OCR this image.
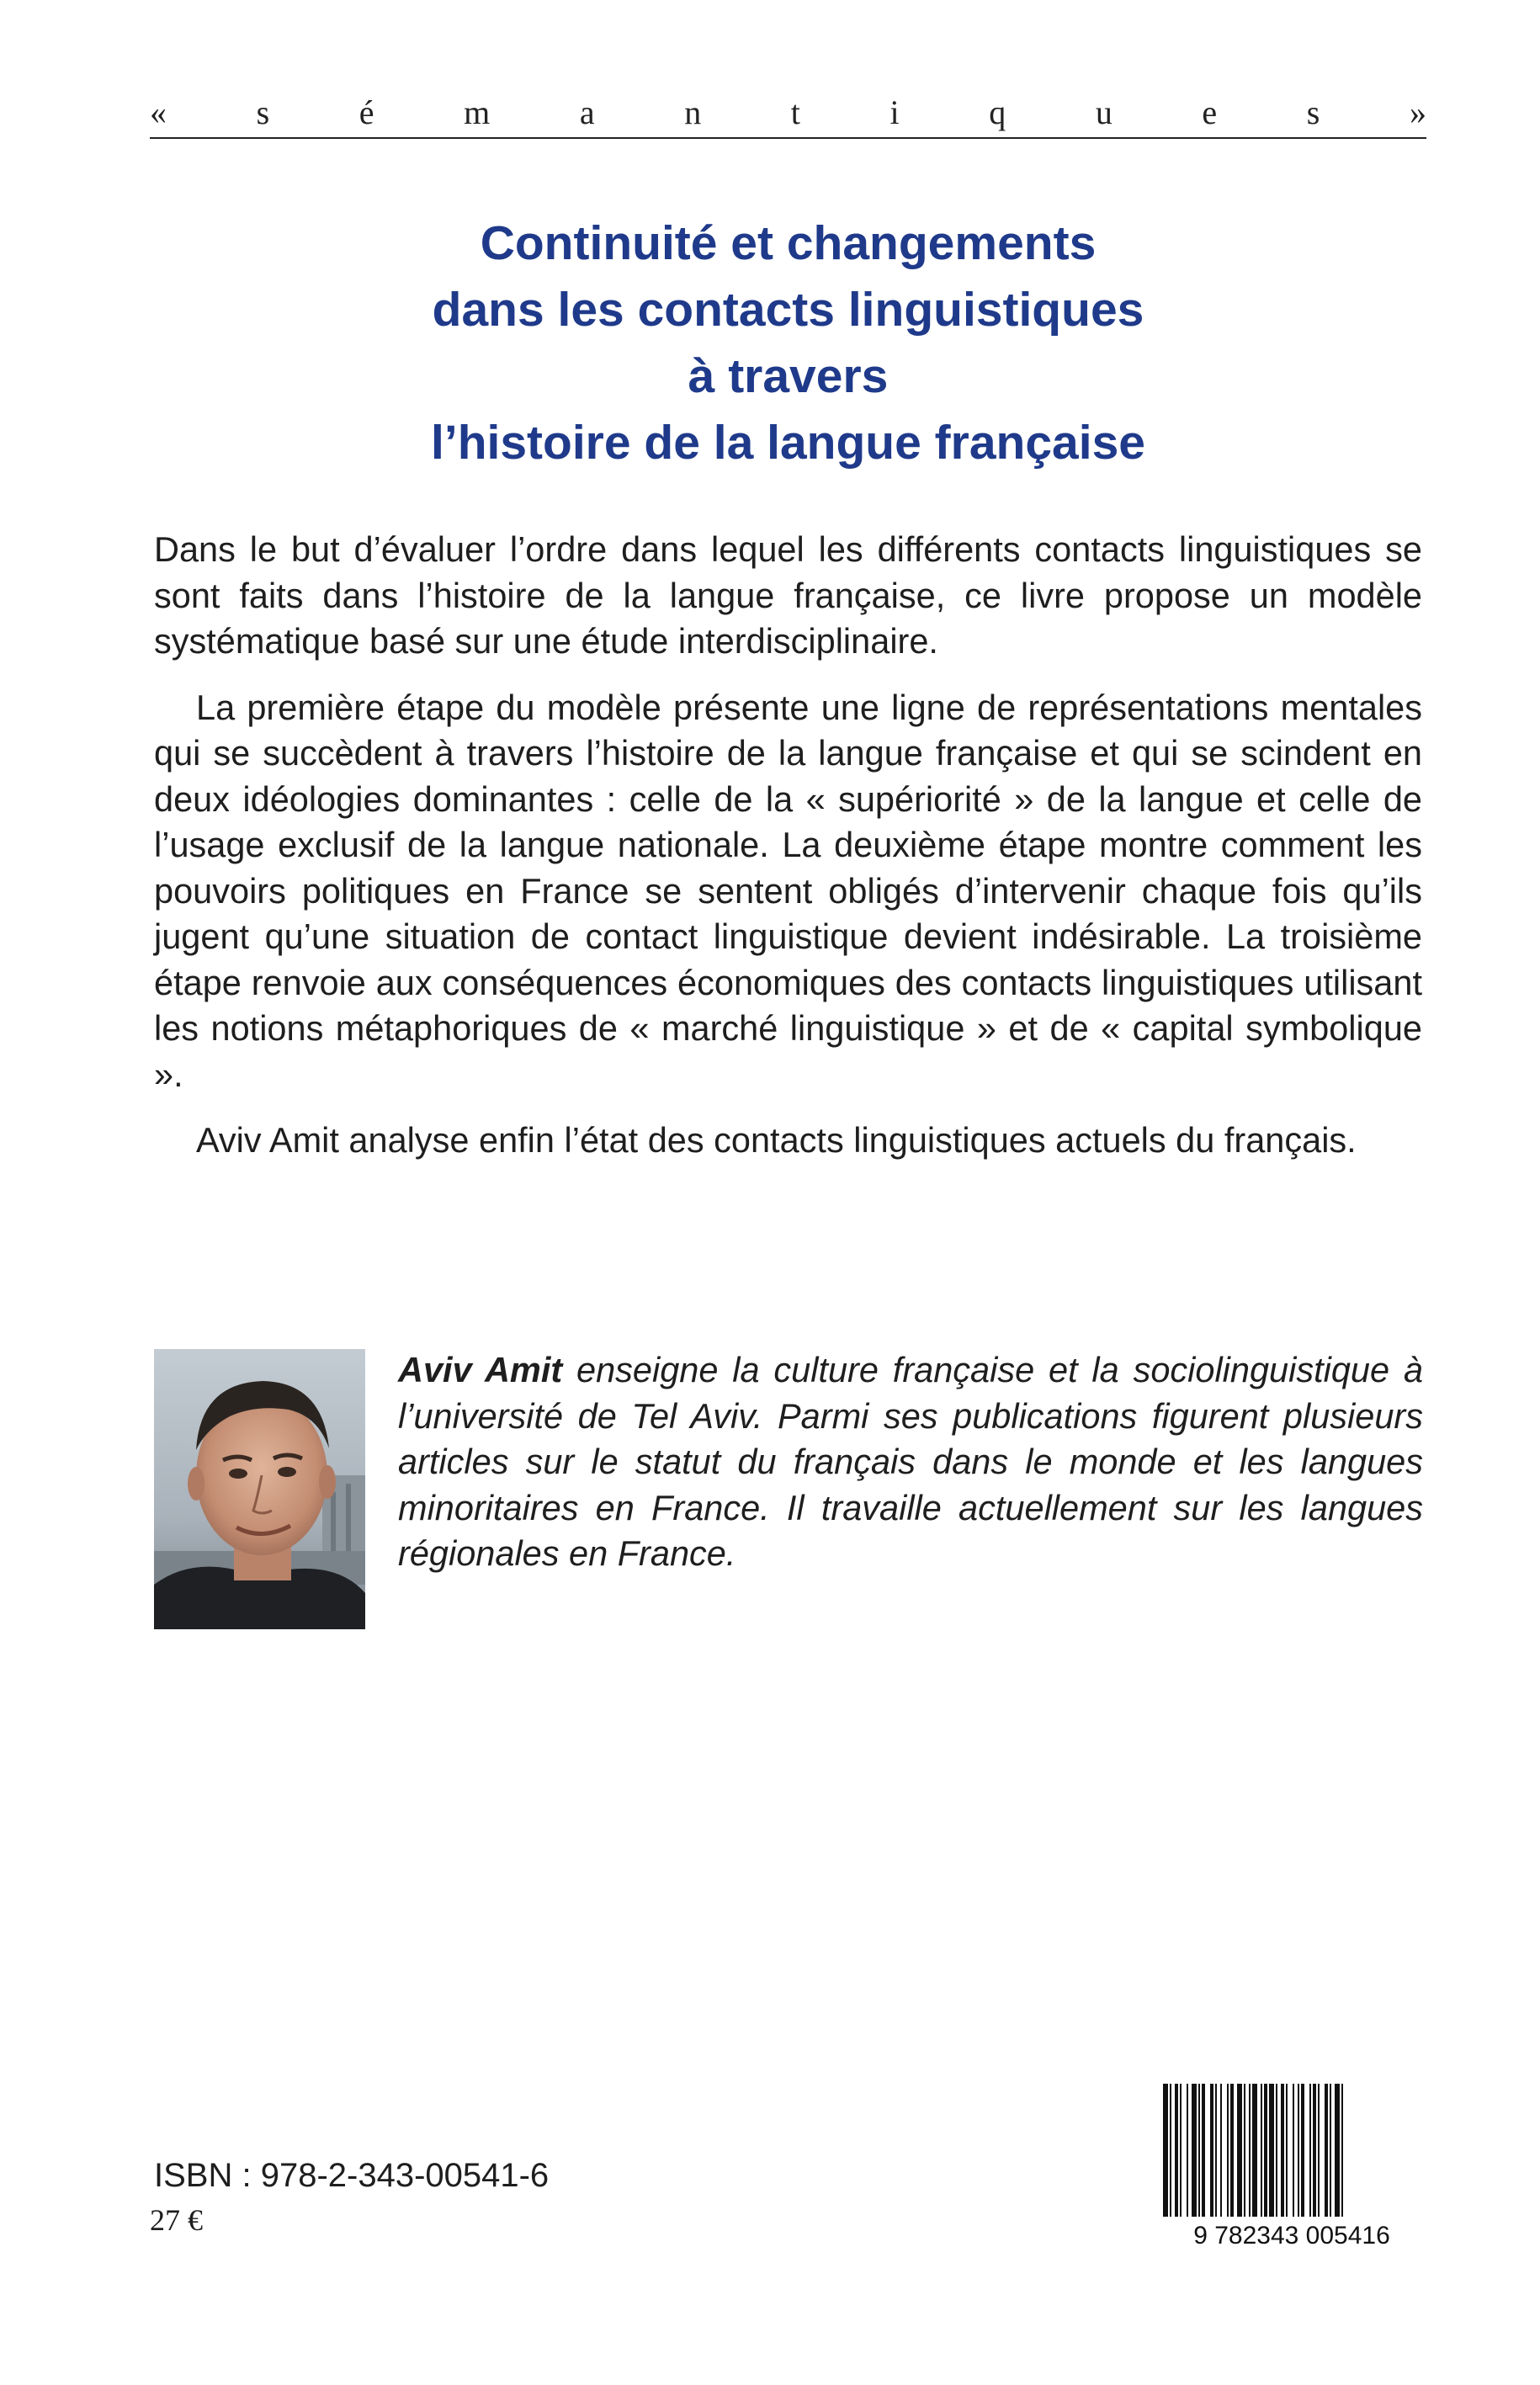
«	s	é	m	a	n	t	i	q	u	e	s	»
Continuité et changements
dans les contacts linguistiques
à travers
l’histoire de la langue française

Dans le but d’évaluer l’ordre dans lequel les différents contacts linguistiques se sont faits dans l’histoire de la langue française, ce livre propose un modèle systématique basé sur une étude interdisciplinaire.

La première étape du modèle présente une ligne de représentations mentales qui se succèdent à travers l’histoire de la langue française et qui se scindent en deux idéologies dominantes : celle de la « supériorité » de la langue et celle de l’usage exclusif de la langue nationale. La deuxième étape montre comment les pouvoirs politiques en France se sentent obligés d’intervenir chaque fois qu’ils jugent qu’une situation de contact linguistique devient indésirable. La troisième étape renvoie aux conséquences économiques des contacts linguistiques utilisant les notions métaphoriques de « marché linguistique » et de « capital symbolique ».

Aviv Amit analyse enfin l’état des contacts linguistiques actuels du français.

Aviv Amit enseigne la culture française et la sociolinguistique à l’université de Tel Aviv. Parmi ses publications figurent plusieurs articles sur le statut du français dans le monde et les langues minoritaires en France. Il travaille actuellement sur les langues régionales en France.
9 782343 005416
ISBN : 978-2-343-00541-6
27 €
